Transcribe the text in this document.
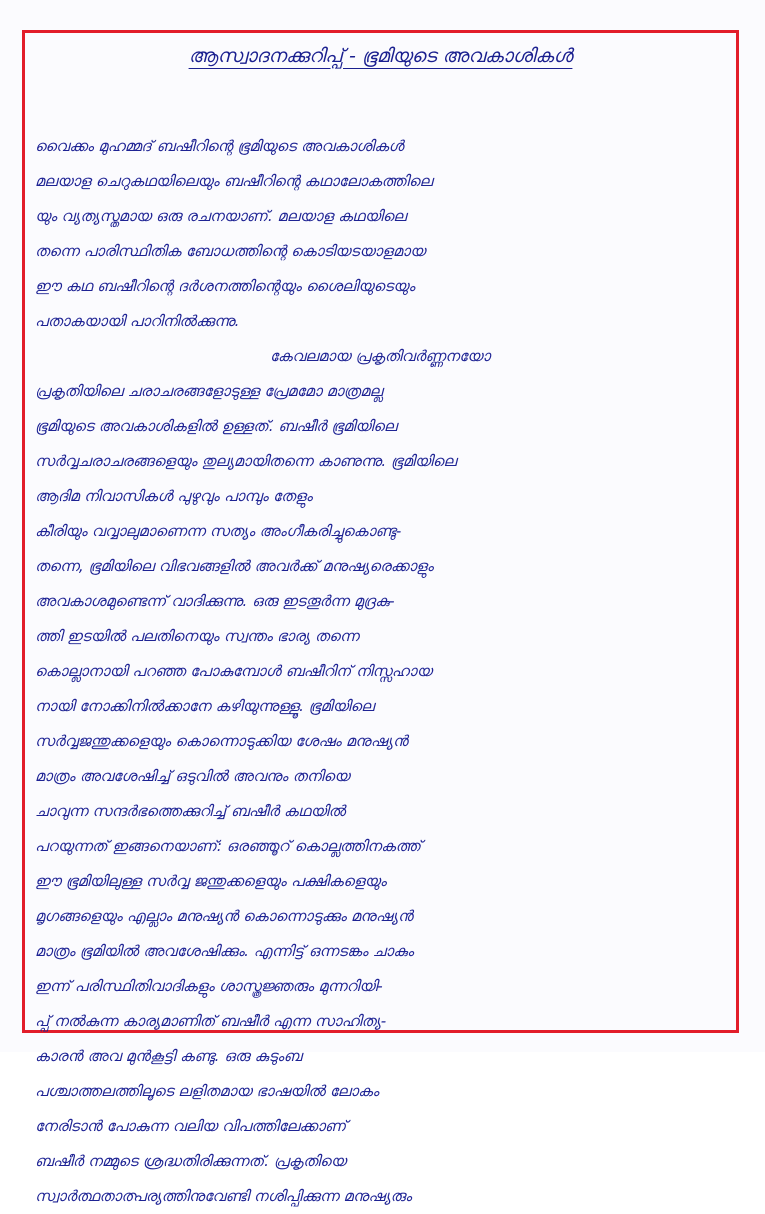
ആസ്വാദനക്കുറിപ്പ് - ഭൂമിയുടെ അവകാശികൾ
വൈക്കം മുഹമ്മദ് ബഷീറിന്റെ ഭൂമിയുടെ അവകാശികൾ
മലയാള ചെറുകഥയിലെയും ബഷീറിന്റെ കഥാലോകത്തിലെ
യും വ്യത്യസ്തമായ ഒരു രചനയാണ്. മലയാള കഥയിലെ
തന്നെ പാരിസ്ഥിതിക ബോധത്തിന്റെ കൊടിയടയാളമായ
ഈ കഥ ബഷീറിന്റെ ദർശനത്തിന്റെയും ശൈലിയുടെയും
പതാകയായി പാറിനിൽക്കുന്നു.
കേവലമായ പ്രകൃതിവർണ്ണനയോ
പ്രകൃതിയിലെ ചരാചരങ്ങളോടുള്ള പ്രേമമോ മാത്രമല്ല
ഭൂമിയുടെ അവകാശികളിൽ ഉള്ളത്. ബഷീർ ഭൂമിയിലെ
സർവ്വചരാചരങ്ങളെയും തുല്യമായിതന്നെ കാണുന്നു. ഭൂമിയിലെ
ആദിമ നിവാസികൾ പുഴുവും പാമ്പും തേളും
കീരിയും വവ്വാലുമാണെന്ന സത്യം അംഗീകരിച്ചുകൊണ്ടു-
തന്നെ, ഭൂമിയിലെ വിഭവങ്ങളിൽ അവർക്ക് മനുഷ്യരെക്കാളും
അവകാശമുണ്ടെന്ന് വാദിക്കുന്നു. ഒരു ഇടതൂർന്ന മുദ്രകു-
ത്തി ഇടയിൽ പലതിനെയും സ്വന്തം ഭാര്യ തന്നെ
കൊല്ലാനായി പറഞ്ഞ പോകുമ്പോൾ ബഷീറിന് നിസ്സഹായ
നായി നോക്കിനിൽക്കാനേ കഴിയുന്നുള്ളൂ. ഭൂമിയിലെ
സർവ്വജന്തുക്കളെയും കൊന്നൊടുക്കിയ ശേഷം മനുഷ്യൻ
മാത്രം അവശേഷിച്ച് ഒടുവിൽ അവനും തനിയെ
ചാവുന്ന സന്ദർഭത്തെക്കുറിച്ച് ബഷീർ കഥയിൽ
പറയുന്നത് ഇങ്ങനെയാണ്: ഒരഞ്ഞൂറ് കൊല്ലത്തിനകത്ത്
ഈ ഭൂമിയിലുള്ള സർവ്വ ജന്തുക്കളെയും പക്ഷികളെയും
മൃഗങ്ങളെയും എല്ലാം മനുഷ്യൻ കൊന്നൊടുക്കും മനുഷ്യൻ
മാത്രം ഭൂമിയിൽ അവശേഷിക്കും. എന്നിട്ട് ഒന്നടങ്കം ചാകും
ഇന്ന് പരിസ്ഥിതിവാദികളും ശാസ്ത്രജ്ഞരും മുന്നറിയി-
പ്പ് നൽകുന്ന കാര്യമാണിത് ബഷീർ എന്ന സാഹിത്യ-
കാരൻ അവ മുൻകൂട്ടി കണ്ടു. ഒരു കുടുംബ
പശ്ചാത്തലത്തിലൂടെ ലളിതമായ ഭാഷയിൽ ലോകം
നേരിടാൻ പോകുന്ന വലിയ വിപത്തിലേക്കാണ്
ബഷീർ നമ്മുടെ ശ്രദ്ധതിരിക്കുന്നത്. പ്രകൃതിയെ
സ്വാർത്ഥതാത്പര്യത്തിനുവേണ്ടി നശിപ്പിക്കുന്ന മനുഷ്യരും
